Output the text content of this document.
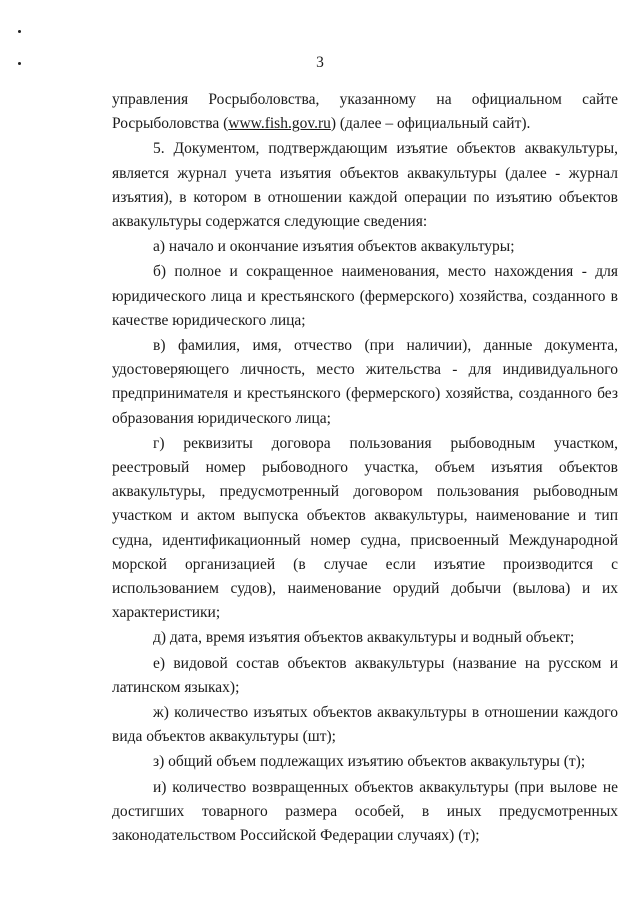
3

управления Росрыболовства, указанному на официальном сайте Росрыболовства (www.fish.gov.ru) (далее – официальный сайт).

5. Документом, подтверждающим изъятие объектов аквакультуры, является журнал учета изъятия объектов аквакультуры (далее - журнал изъятия), в котором в отношении каждой операции по изъятию объектов аквакультуры содержатся следующие сведения:

а) начало и окончание изъятия объектов аквакультуры;

б) полное и сокращенное наименования, место нахождения - для юридического лица и крестьянского (фермерского) хозяйства, созданного в качестве юридического лица;

в) фамилия, имя, отчество (при наличии), данные документа, удостоверяющего личность, место жительства - для индивидуального предпринимателя и крестьянского (фермерского) хозяйства, созданного без образования юридического лица;

г) реквизиты договора пользования рыбоводным участком, реестровый номер рыбоводного участка, объем изъятия объектов аквакультуры, предусмотренный договором пользования рыбоводным участком и актом выпуска объектов аквакультуры, наименование и тип судна, идентификационный номер судна, присвоенный Международной морской организацией (в случае если изъятие производится с использованием судов), наименование орудий добычи (вылова) и их характеристики;

д) дата, время изъятия объектов аквакультуры и водный объект;

е) видовой состав объектов аквакультуры (название на русском и латинском языках);

ж) количество изъятых объектов аквакультуры в отношении каждого вида объектов аквакультуры (шт);

з) общий объем подлежащих изъятию объектов аквакультуры (т);

и) количество возвращенных объектов аквакультуры (при вылове не достигших товарного размера особей, в иных предусмотренных законодательством Российской Федерации случаях) (т);
